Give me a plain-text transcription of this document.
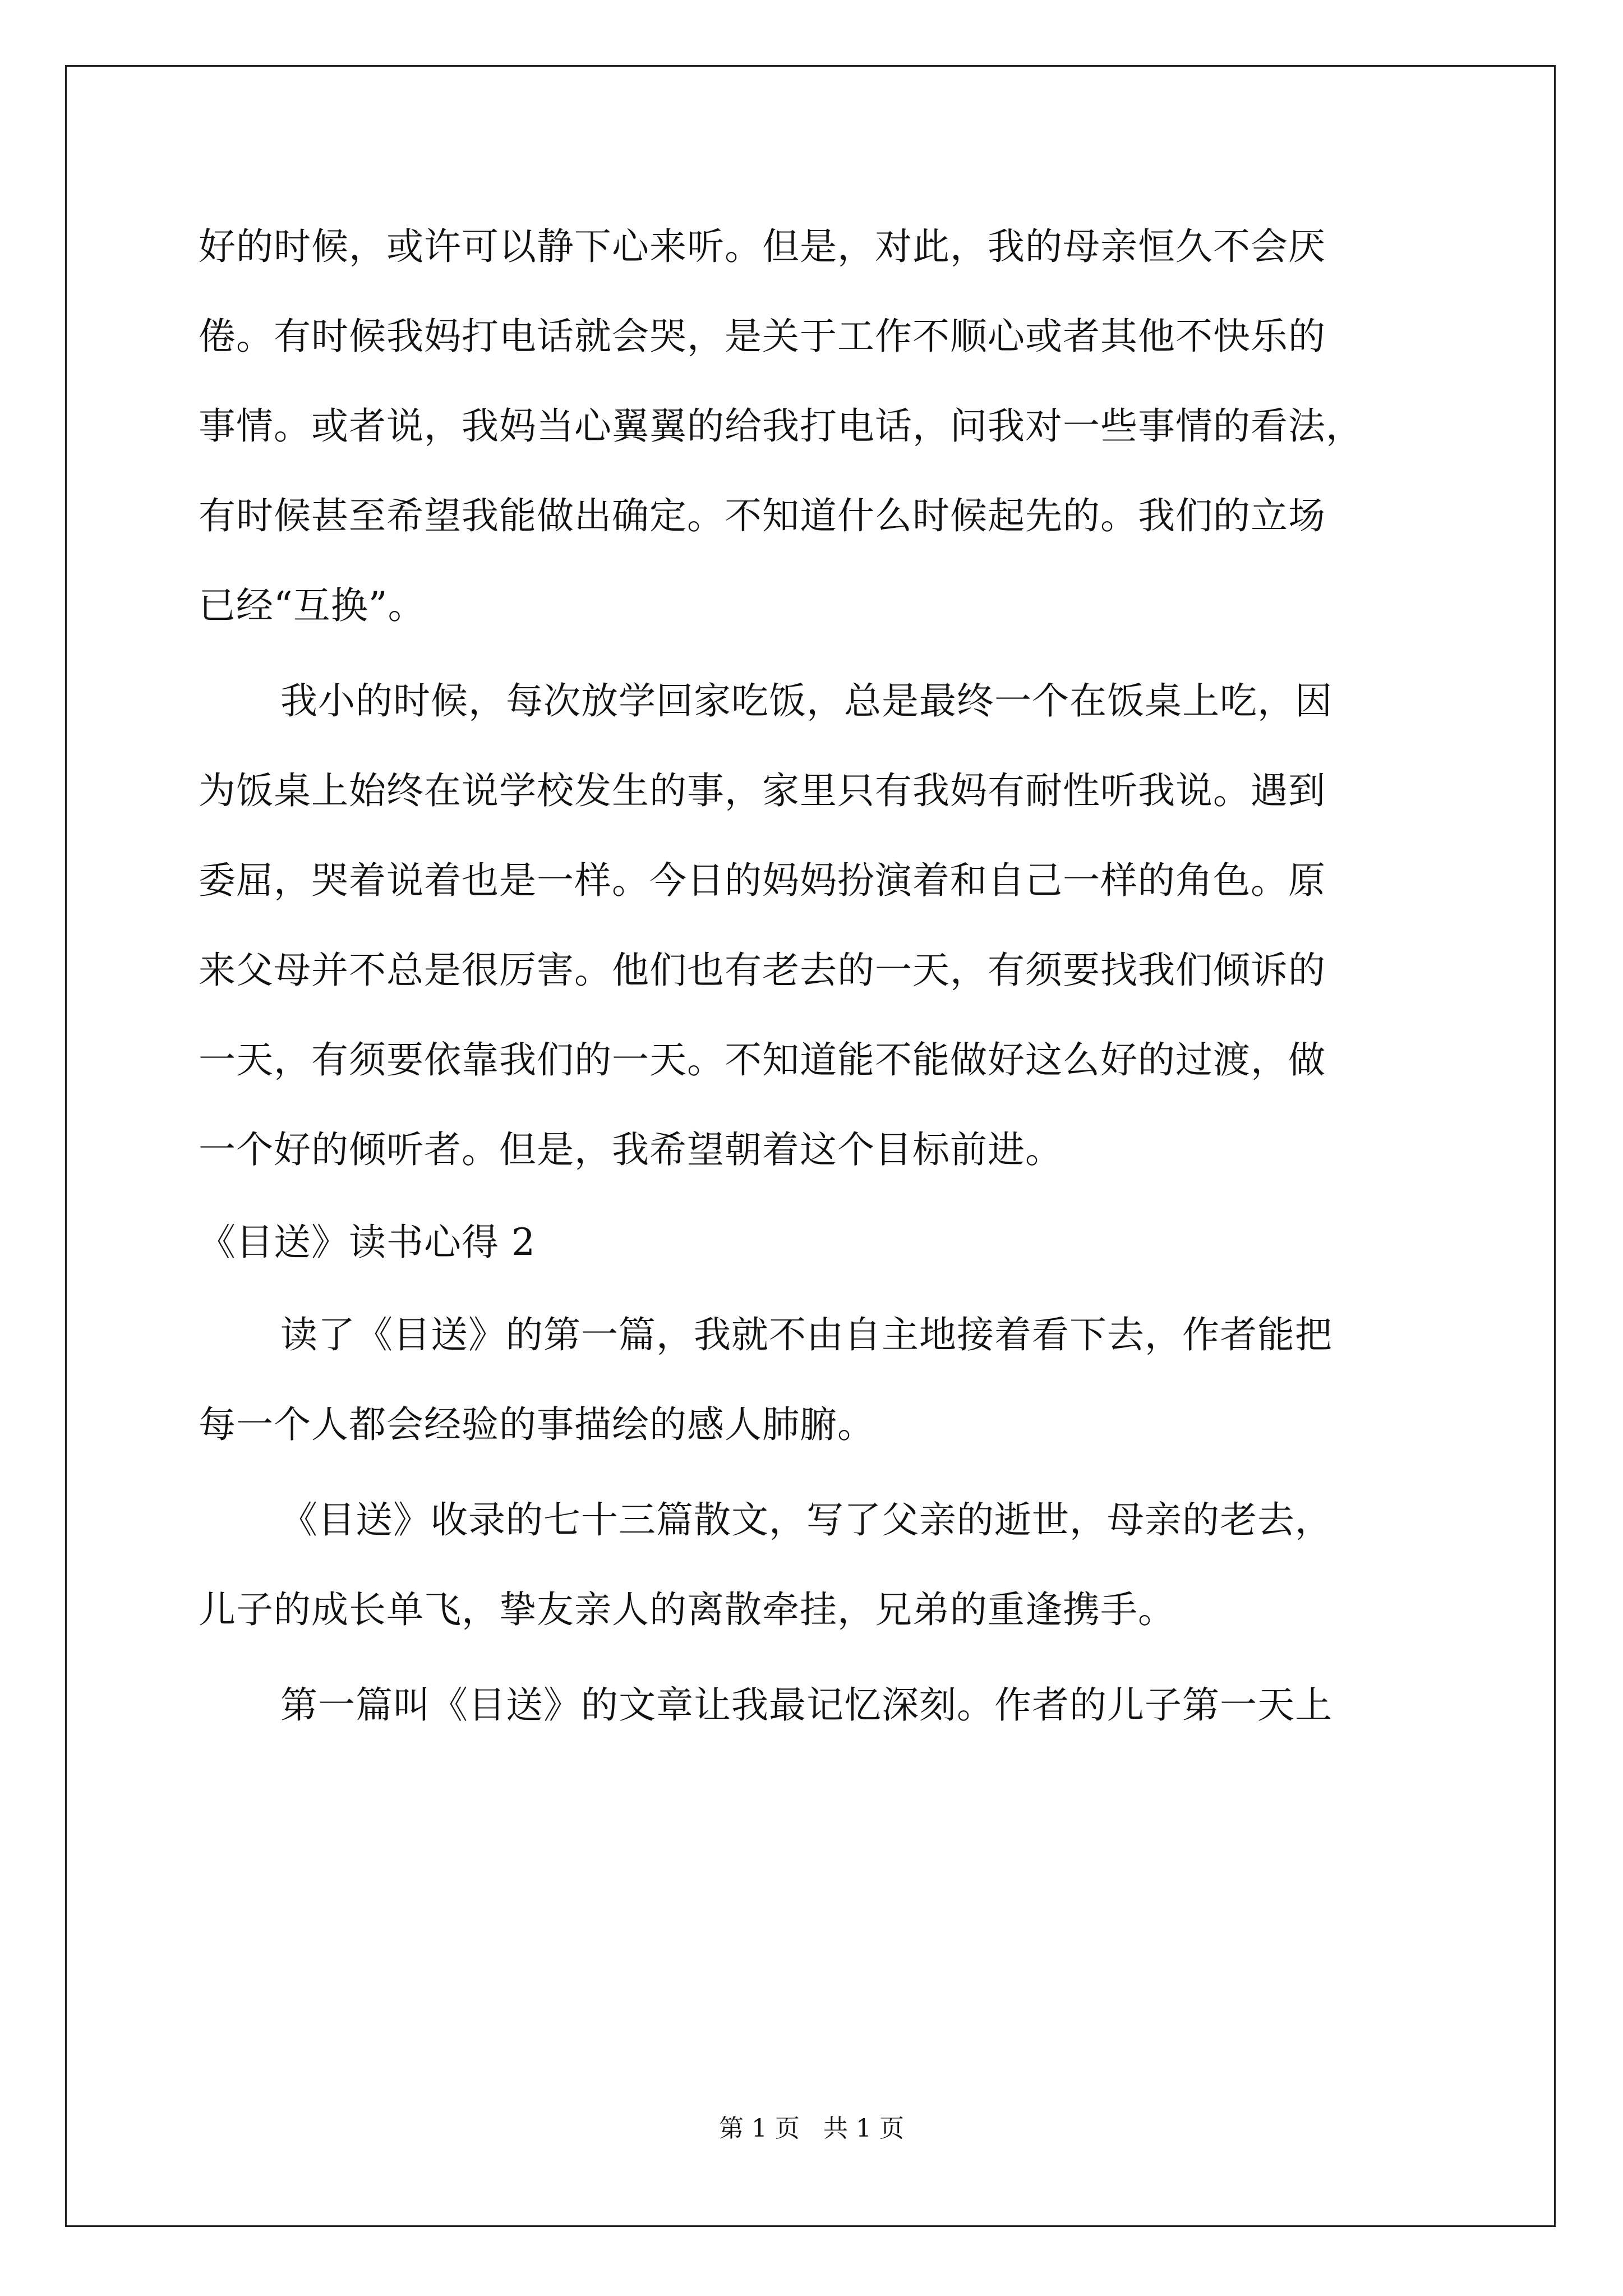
好的时候，或许可以静下心来听。但是，对此，我的母亲恒久不会厌
倦。有时候我妈打电话就会哭，是关于工作不顺心或者其他不快乐的
事情。或者说，我妈当心翼翼的给我打电话，问我对一些事情的看法，
有时候甚至希望我能做出确定。不知道什么时候起先的。我们的立场
已经“互换”。
我小的时候，每次放学回家吃饭，总是最终一个在饭桌上吃，因
为饭桌上始终在说学校发生的事，家里只有我妈有耐性听我说。遇到
委屈，哭着说着也是一样。今日的妈妈扮演着和自己一样的角色。原
来父母并不总是很厉害。他们也有老去的一天，有须要找我们倾诉的
一天，有须要依靠我们的一天。不知道能不能做好这么好的过渡，做
一个好的倾听者。但是，我希望朝着这个目标前进。
《目送》读书心得 2
读了《目送》的第一篇，我就不由自主地接着看下去，作者能把
每一个人都会经验的事描绘的感人肺腑。
《目送》收录的七十三篇散文，写了父亲的逝世，母亲的老去，
儿子的成长单飞，挚友亲人的离散牵挂，兄弟的重逢携手。
第一篇叫《目送》的文章让我最记忆深刻。作者的儿子第一天上
第 1 页   共 1 页
